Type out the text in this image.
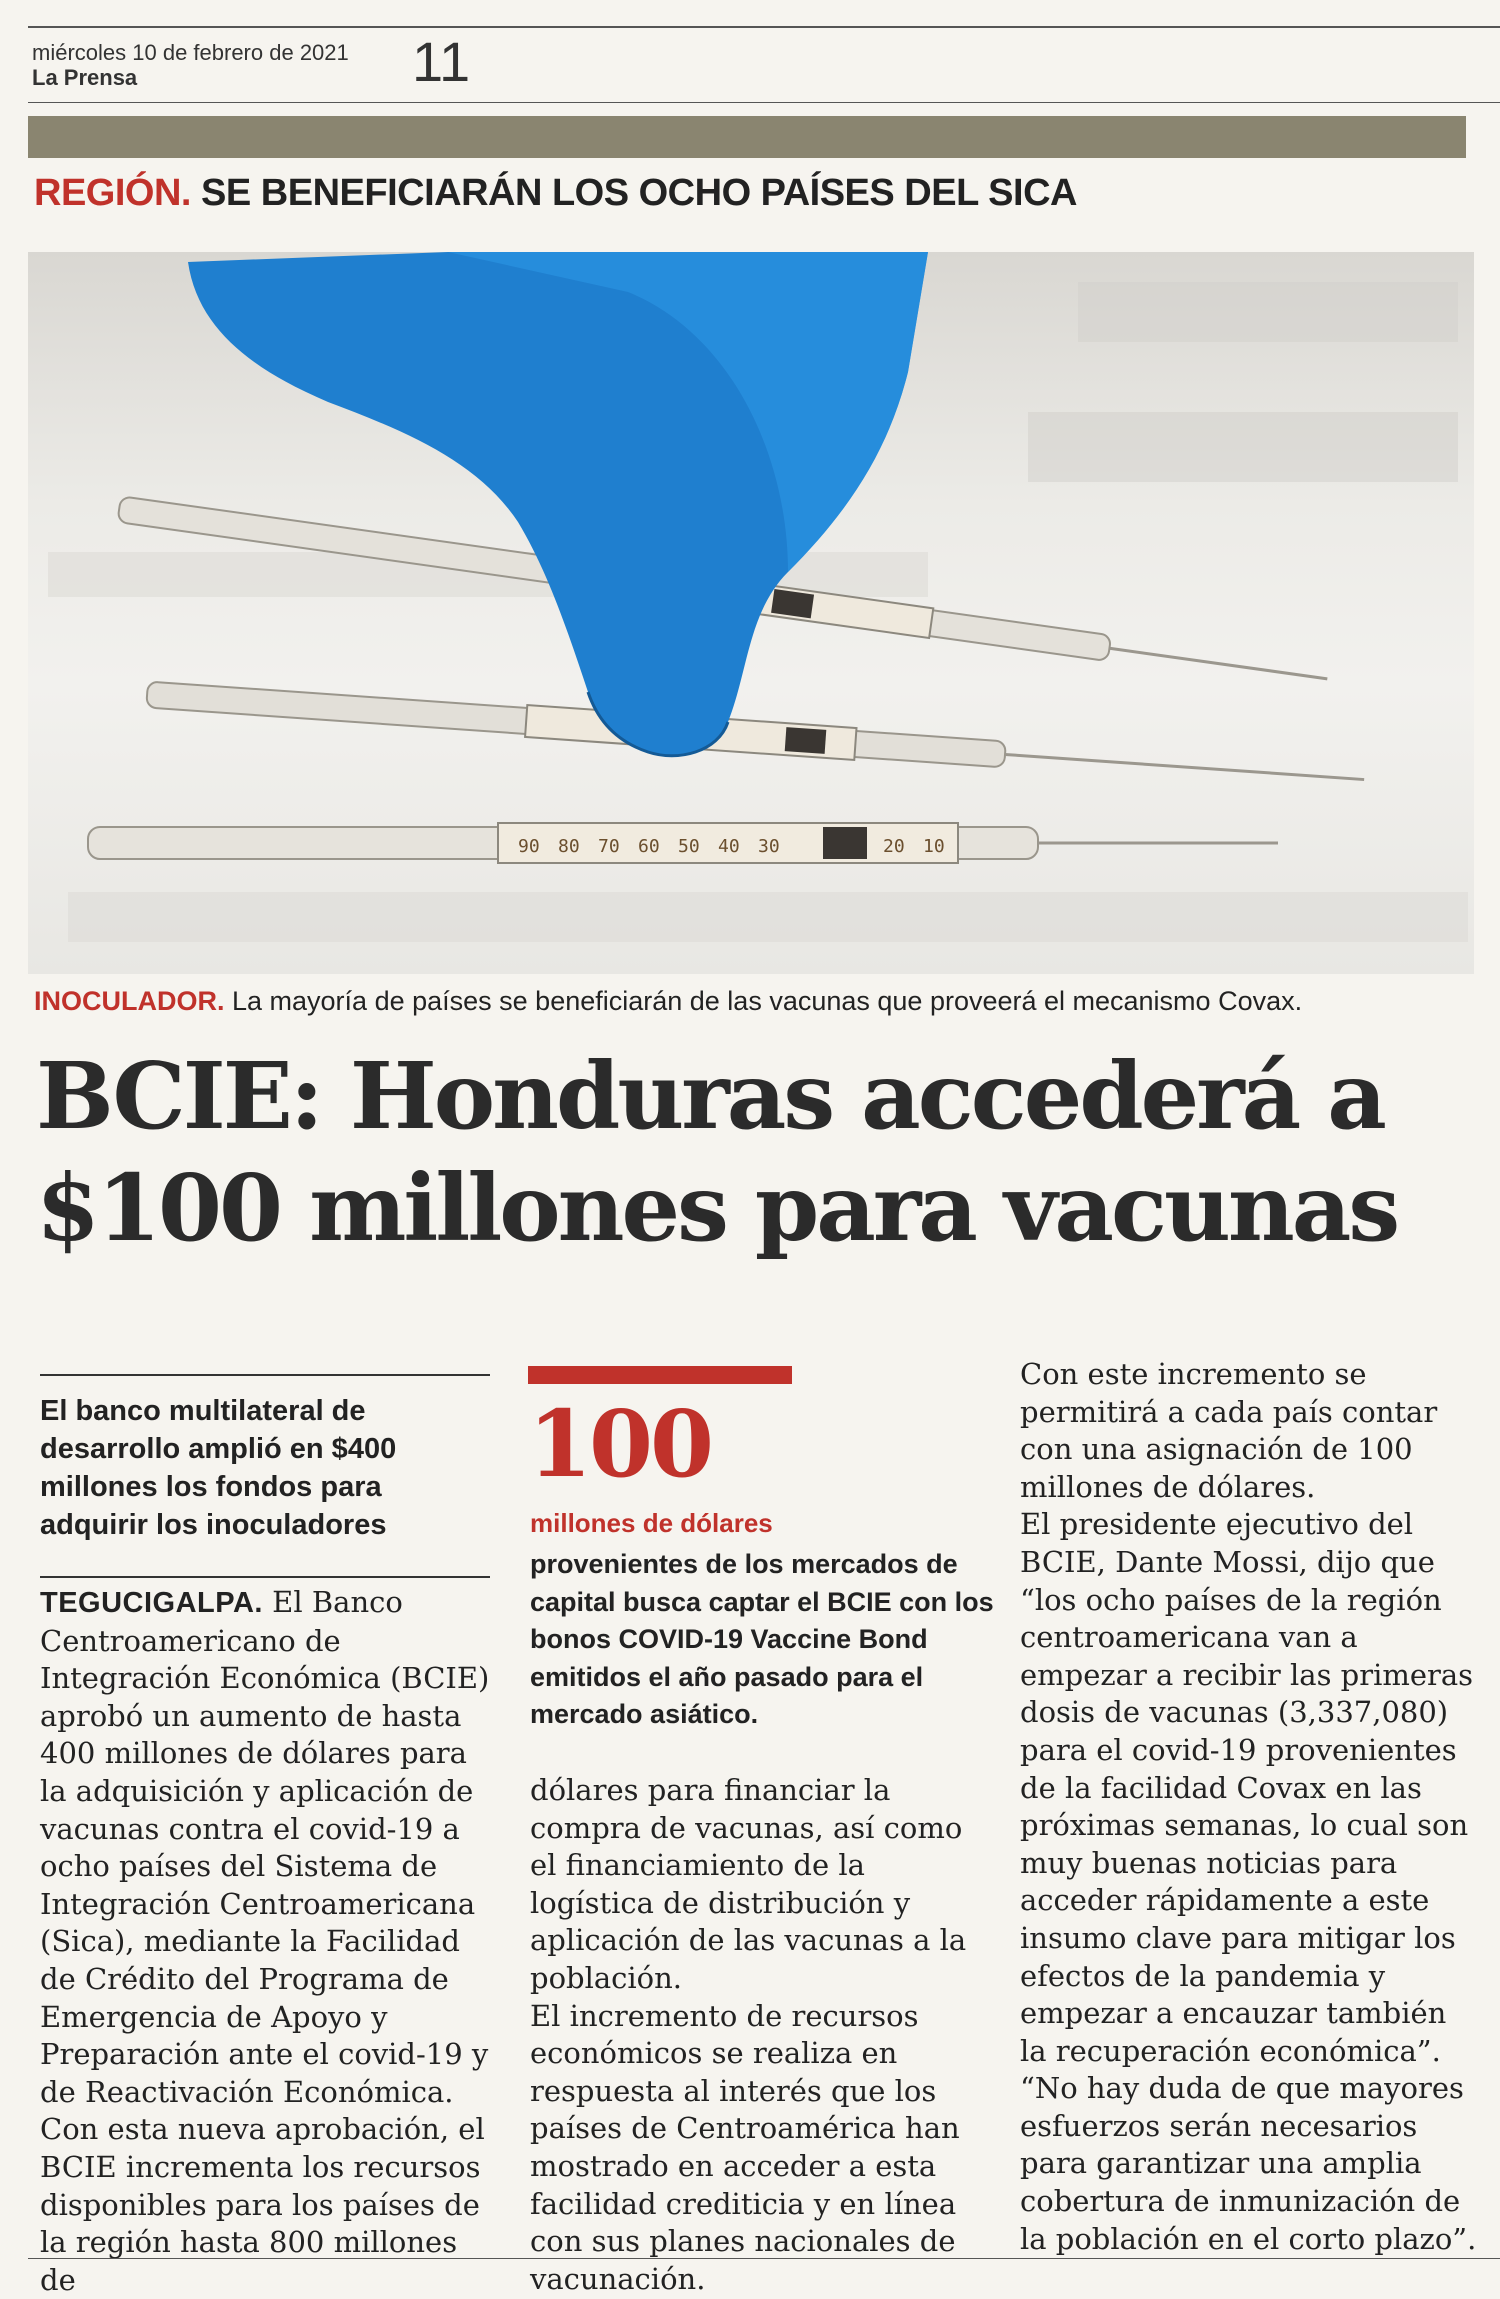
miércoles 10 de febrero de 2021
La Prensa	11
REGIÓN. SE BENEFICIARÁN LOS OCHO PAÍSES DEL SICA
90 80 70 60 50 40 30	20 10
INOCULADOR. La mayoría de países se beneficiarán de las vacunas que proveerá el mecanismo Covax.
BCIE: Honduras accederá a
$100 millones para vacunas
El banco multilateral de desarrollo amplió en $400 millones los fondos para adquirir los inoculadores

TEGUCIGALPA. El Banco Centroamericano de Integración Económica (BCIE) aprobó un aumento de hasta 400 millones de dólares para la adquisición y aplicación de vacunas contra el covid-19 a ocho países del Sistema de Integración Centroamericana (Sica), mediante la Facilidad de Crédito del Programa de Emergencia de Apoyo y Preparación ante el covid-19 y de Reactivación Económica.

Con esta nueva aprobación, el BCIE incrementa los recursos disponibles para los países de la región hasta 800 millones de

100
millones de dólares
provenientes de los mercados de capital busca captar el BCIE con los bonos COVID-19 Vaccine Bond emitidos el año pasado para el mercado asiático.

dólares para financiar la compra de vacunas, así como el financiamiento de la logística de distribución y aplicación de las vacunas a la población.

El incremento de recursos económicos se realiza en respuesta al interés que los países de Centroamérica han mostrado en acceder a esta facilidad crediticia y en línea con sus planes nacionales de vacunación.

Con este incremento se permitirá a cada país contar con una asignación de 100 millones de dólares.

El presidente ejecutivo del BCIE, Dante Mossi, dijo que “los ocho países de la región centroamericana van a empezar a recibir las primeras dosis de vacunas (3,337,080) para el covid-19 provenientes de la facilidad Covax en las próximas semanas, lo cual son muy buenas noticias para acceder rápidamente a este insumo clave para mitigar los efectos de la pandemia y empezar a encauzar también la recuperación económica”.

“No hay duda de que mayores esfuerzos serán necesarios para garantizar una amplia cobertura de inmunización de la población en el corto plazo”.
